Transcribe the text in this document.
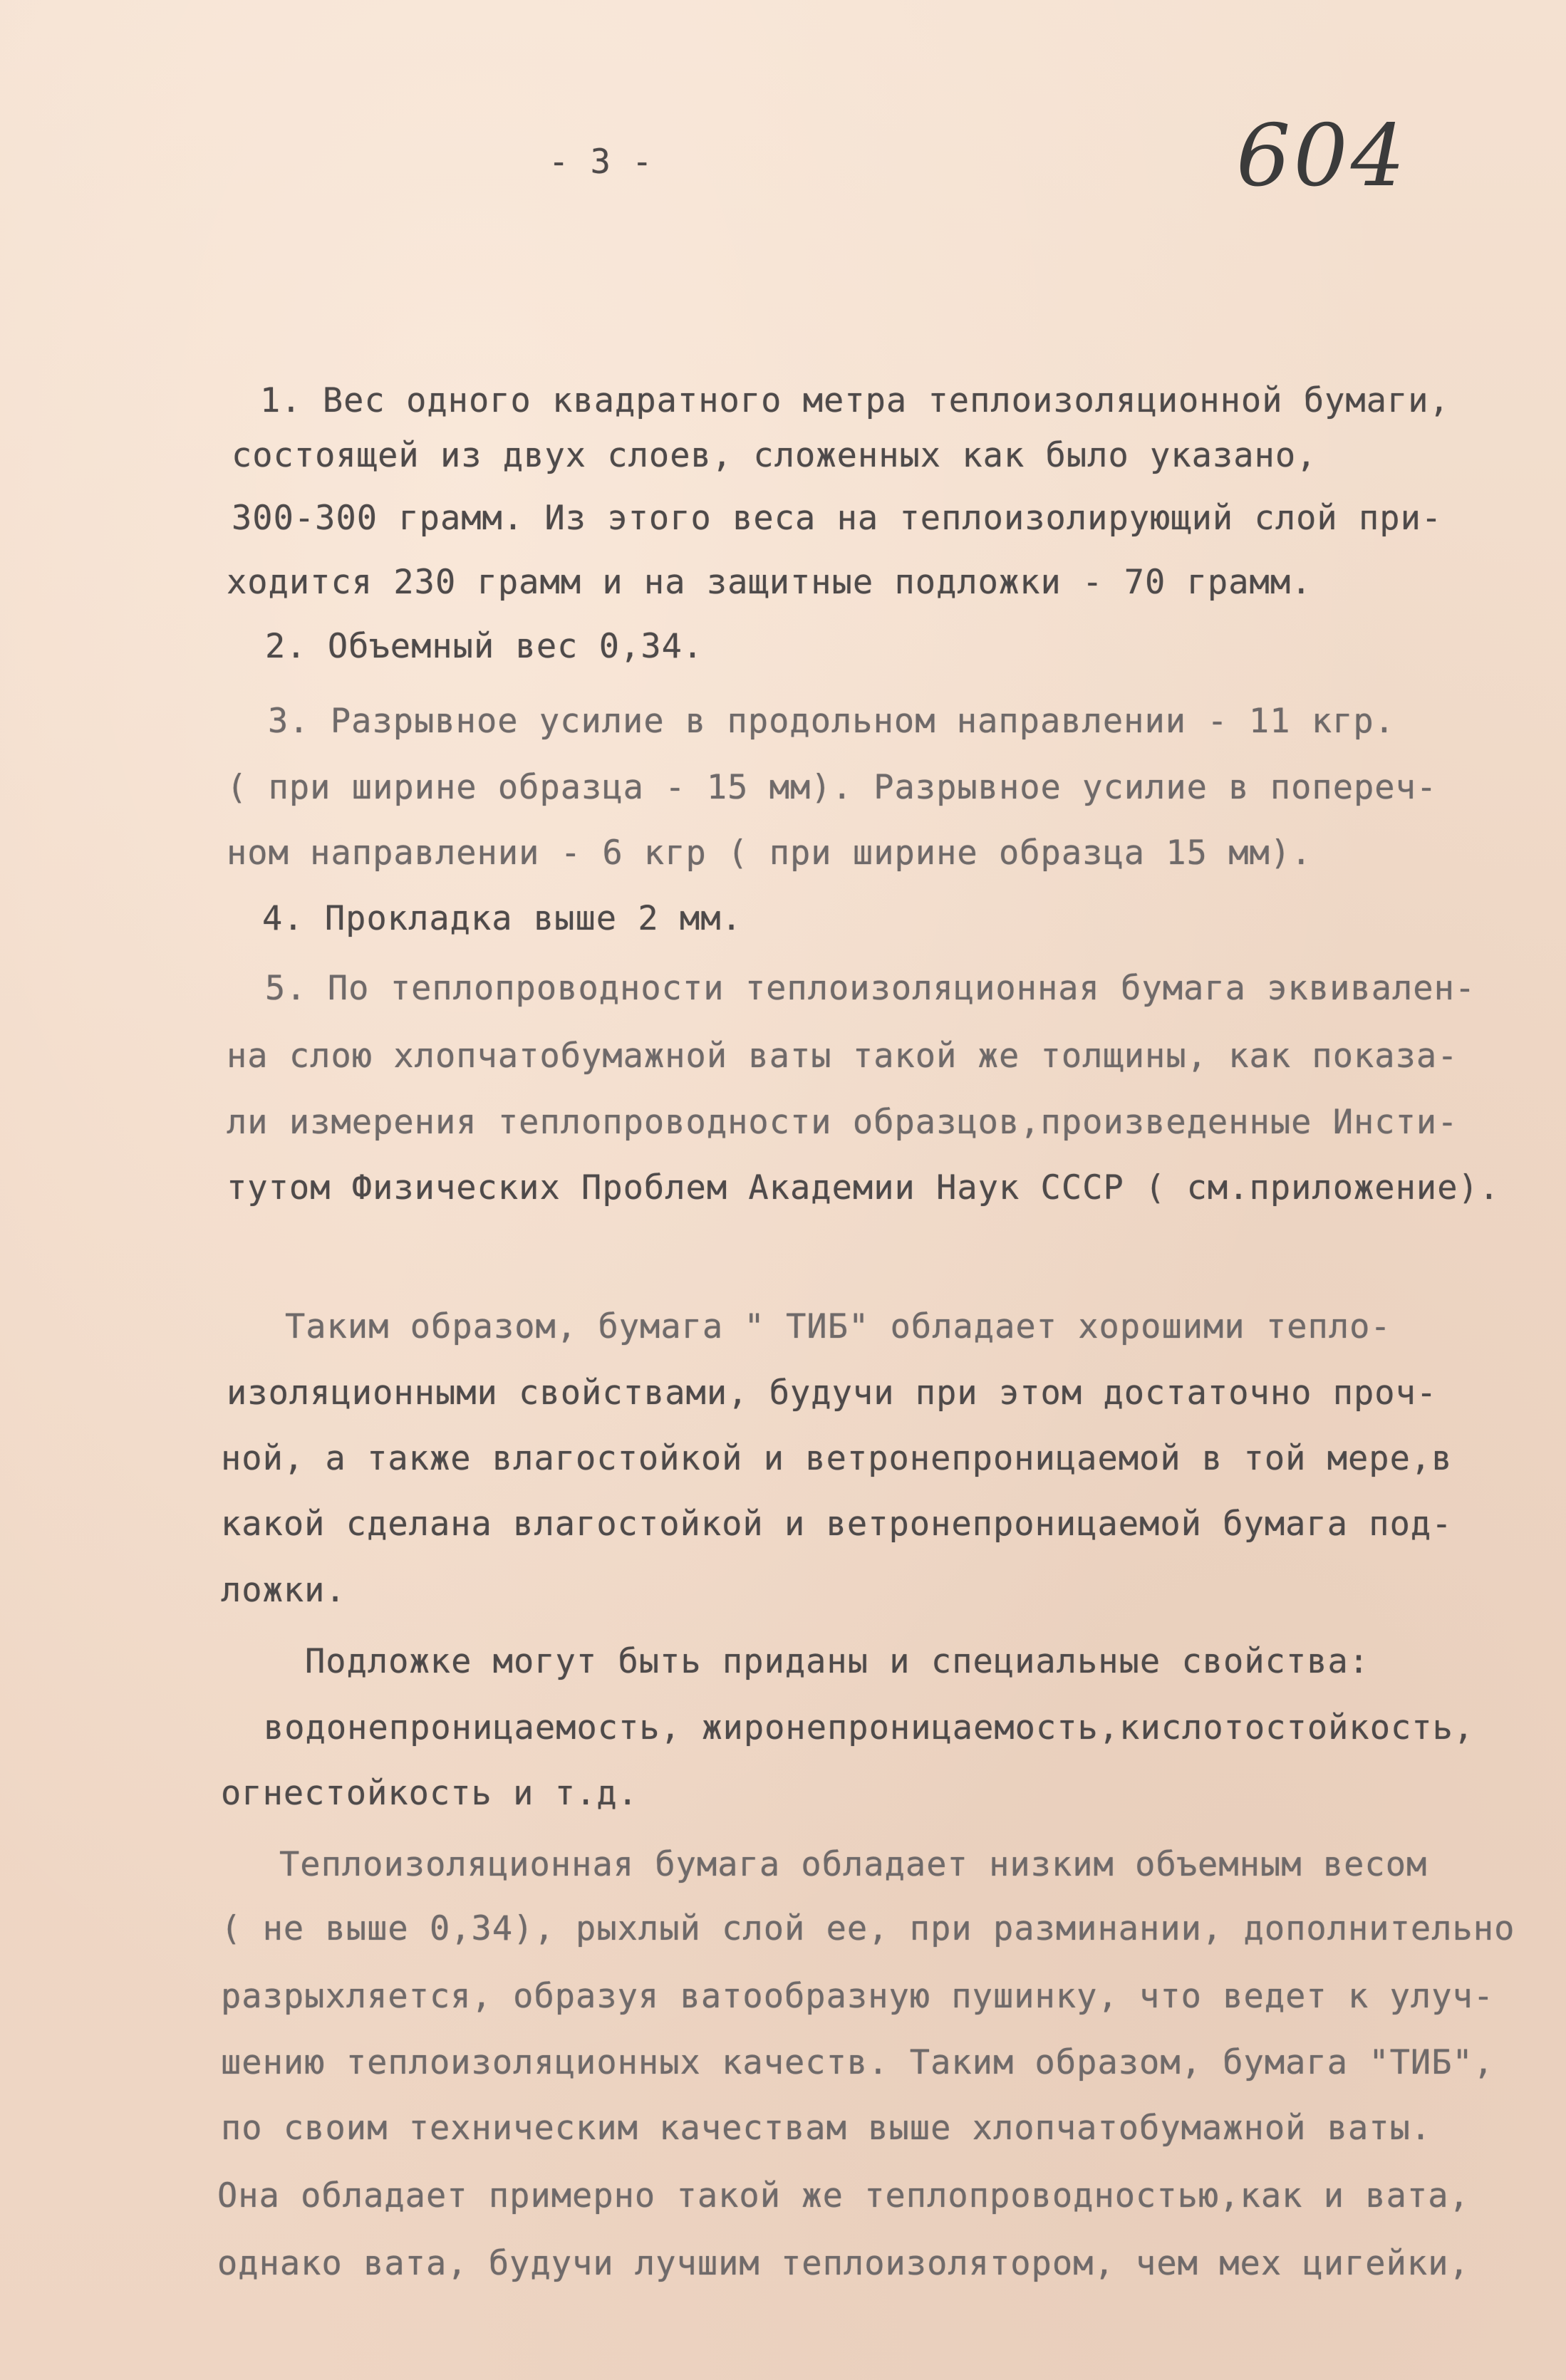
- 3 -	604
1. Вес одного квадратного метра теплоизоляционной бумаги,
состоящей из двух слоев, сложенных как было указано,
300-300 грамм. Из этого веса на теплоизолирующий слой при-
ходится 230 грамм и на защитные подложки - 70 грамм.
2. Объемный вес 0,34.
3. Разрывное усилие в продольном направлении - 11 кгр.
( при ширине образца - 15 мм). Разрывное усилие в попереч-
ном направлении - 6 кгр ( при ширине образца 15 мм).
4. Прокладка выше 2 мм.
5. По теплопроводности теплоизоляционная бумага эквивален-
на слою хлопчатобумажной ваты такой же толщины, как показа-
ли измерения теплопроводности образцов,произведенные Инсти-
тутом Физических Проблем Академии Наук СССР ( см.приложение).
Таким образом, бумага " ТИБ" обладает хорошими тепло-
изоляционными свойствами, будучи при этом достаточно проч-
ной, а также влагостойкой и ветронепроницаемой в той мере,в
какой сделана влагостойкой и ветронепроницаемой бумага под-
ложки.
Подложке могут быть приданы и специальные свойства:
водонепроницаемость, жиронепроницаемость,кислотостойкость,
огнестойкость и т.д.
Теплоизоляционная бумага обладает низким объемным весом
( не выше 0,34), рыхлый слой ее, при разминании, дополнительно
разрыхляется, образуя ватообразную пушинку, что ведет к улуч-
шению теплоизоляционных качеств. Таким образом, бумага "ТИБ",
по своим техническим качествам выше хлопчатобумажной ваты.
Она обладает примерно такой же теплопроводностью,как и вата,
однако вата, будучи лучшим теплоизолятором, чем мех цигейки,
